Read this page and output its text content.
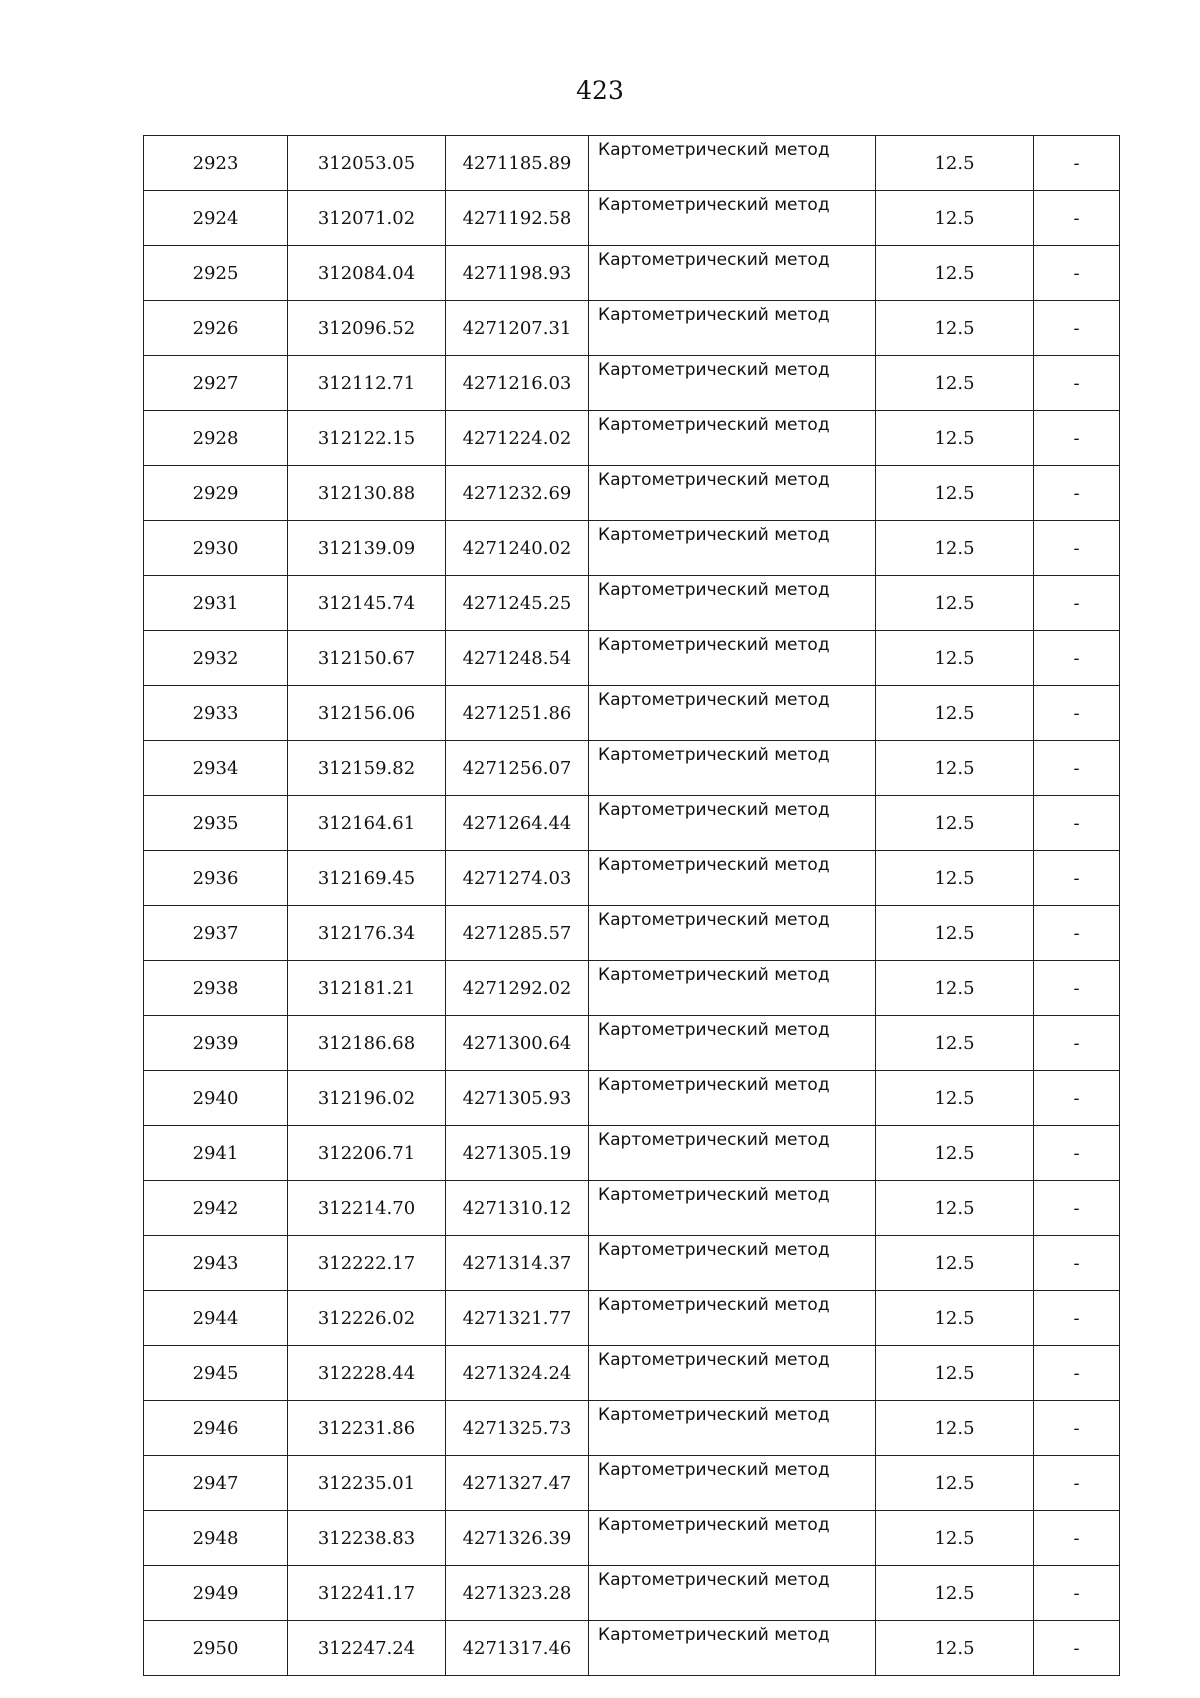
423
2923	312053.05	4271185.89	Картометрический метод	12.5	-
2924	312071.02	4271192.58	Картометрический метод	12.5	-
2925	312084.04	4271198.93	Картометрический метод	12.5	-
2926	312096.52	4271207.31	Картометрический метод	12.5	-
2927	312112.71	4271216.03	Картометрический метод	12.5	-
2928	312122.15	4271224.02	Картометрический метод	12.5	-
2929	312130.88	4271232.69	Картометрический метод	12.5	-
2930	312139.09	4271240.02	Картометрический метод	12.5	-
2931	312145.74	4271245.25	Картометрический метод	12.5	-
2932	312150.67	4271248.54	Картометрический метод	12.5	-
2933	312156.06	4271251.86	Картометрический метод	12.5	-
2934	312159.82	4271256.07	Картометрический метод	12.5	-
2935	312164.61	4271264.44	Картометрический метод	12.5	-
2936	312169.45	4271274.03	Картометрический метод	12.5	-
2937	312176.34	4271285.57	Картометрический метод	12.5	-
2938	312181.21	4271292.02	Картометрический метод	12.5	-
2939	312186.68	4271300.64	Картометрический метод	12.5	-
2940	312196.02	4271305.93	Картометрический метод	12.5	-
2941	312206.71	4271305.19	Картометрический метод	12.5	-
2942	312214.70	4271310.12	Картометрический метод	12.5	-
2943	312222.17	4271314.37	Картометрический метод	12.5	-
2944	312226.02	4271321.77	Картометрический метод	12.5	-
2945	312228.44	4271324.24	Картометрический метод	12.5	-
2946	312231.86	4271325.73	Картометрический метод	12.5	-
2947	312235.01	4271327.47	Картометрический метод	12.5	-
2948	312238.83	4271326.39	Картометрический метод	12.5	-
2949	312241.17	4271323.28	Картометрический метод	12.5	-
2950	312247.24	4271317.46	Картометрический метод	12.5	-
